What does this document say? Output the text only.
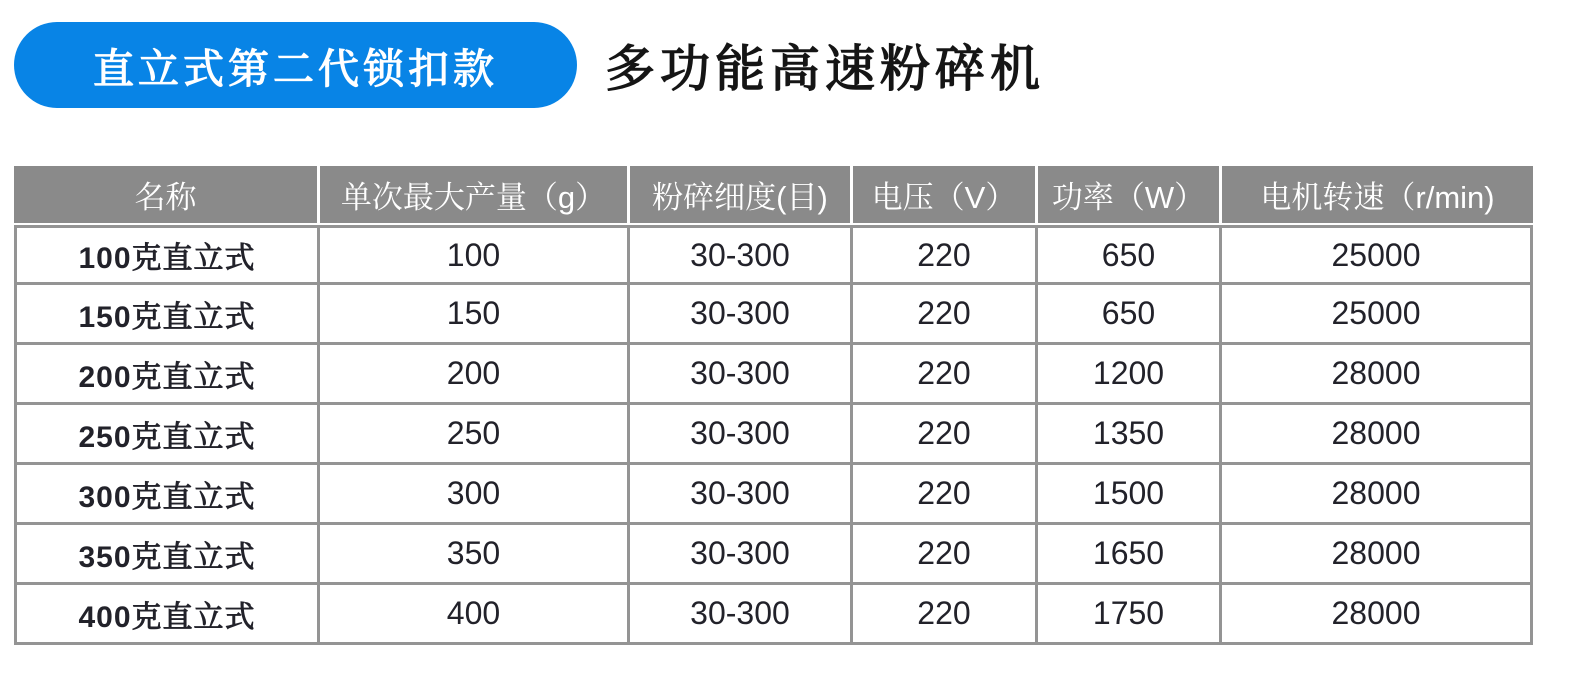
直立式第二代锁扣款 多功能高速粉碎机
名称	单次最大产量（g）	粉碎细度(目)	电压（V）	功率（W）	电机转速（r/min)
100克直立式	100	30-300	220	650	25000
150克直立式	150	30-300	220	650	25000
200克直立式	200	30-300	220	1200	28000
250克直立式	250	30-300	220	1350	28000
300克直立式	300	30-300	220	1500	28000
350克直立式	350	30-300	220	1650	28000
400克直立式	400	30-300	220	1750	28000
